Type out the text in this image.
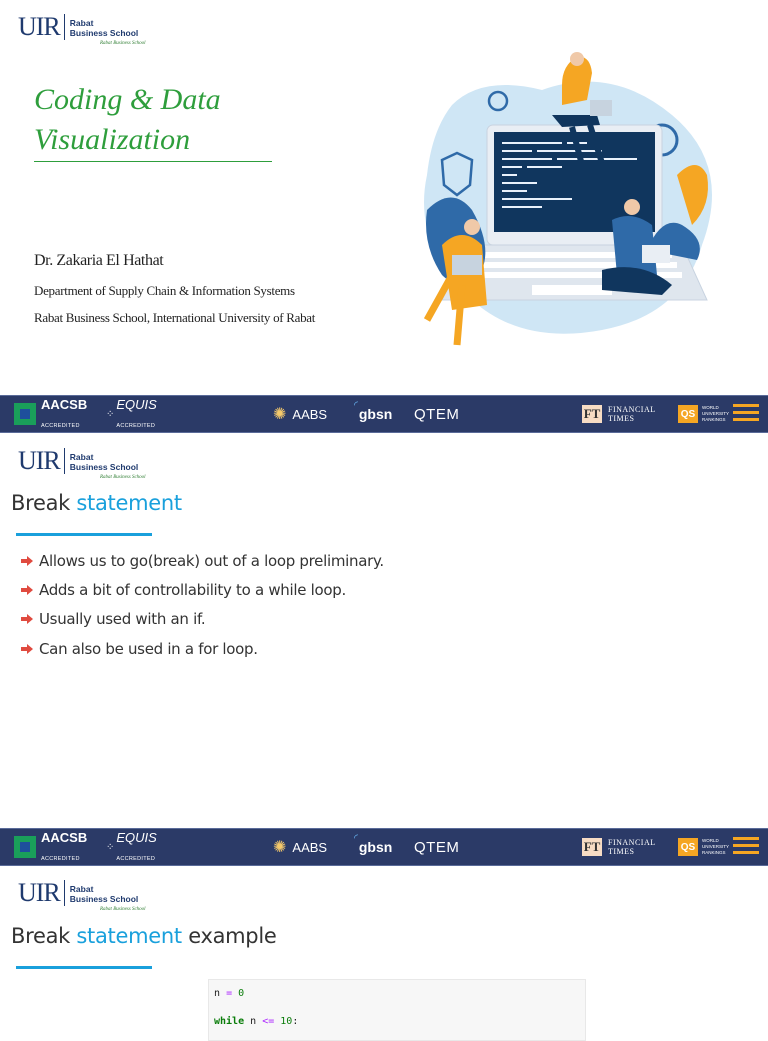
UIR Rabat
Business School
Rabat Business School
Coding & Data
Visualization
Dr. Zakaria El Hathat
Department of Supply Chain & Information Systems
Rabat Business School, International University of Rabat
AACSB
ACCREDITED
⁘
EQUIS
ACCREDITED
✺ AABS
◜
gbsn QTEM	FT FINANCIAL
TIMES	QS
WORLD
UNIVERSITY
RANKINGS
UIR Rabat
Business School
Rabat Business School
Break statement
Allows us to go(break) out of a loop preliminary.
Adds a bit of controllability to a while loop.
Usually used with an if.
Can also be used in a for loop.
AACSB
ACCREDITED
⁘
EQUIS
ACCREDITED
✺ AABS
◜
gbsn QTEM	FT FINANCIAL
TIMES	QS
WORLD
UNIVERSITY
RANKINGS
UIR Rabat
Business School
Rabat Business School
Break statement example
n = 0
while n <= 10:
